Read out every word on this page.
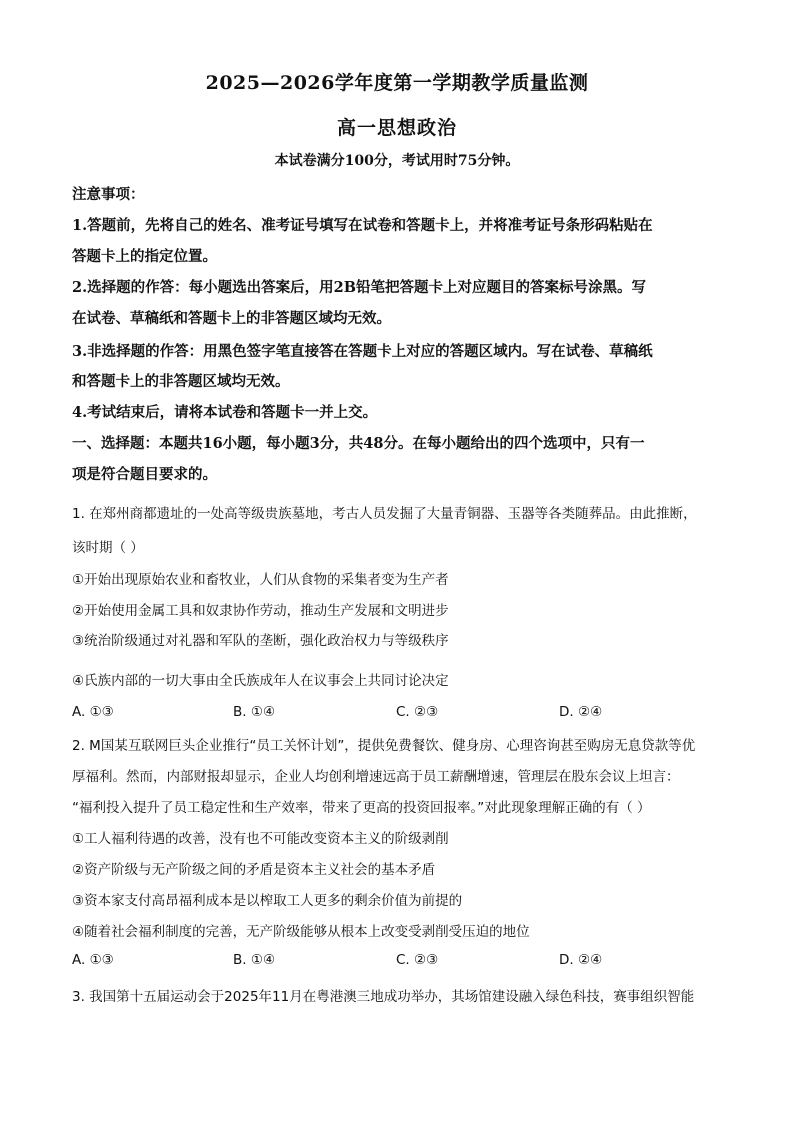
2025—2026学年度第一学期教学质量监测
高一思想政治
本试卷满分100分，考试用时75分钟。
注意事项：
1.答题前，先将自己的姓名、准考证号填写在试卷和答题卡上，并将准考证号条形码粘贴在
答题卡上的指定位置。
2.选择题的作答：每小题选出答案后，用2B铅笔把答题卡上对应题目的答案标号涂黑。写
在试卷、草稿纸和答题卡上的非答题区域均无效。
3.非选择题的作答：用黑色签字笔直接答在答题卡上对应的答题区域内。写在试卷、草稿纸
和答题卡上的非答题区域均无效。
4.考试结束后，请将本试卷和答题卡一并上交。
一、选择题：本题共16小题，每小题3分，共48分。在每小题给出的四个选项中，只有一
项是符合题目要求的。
1. 在郑州商都遗址的一处高等级贵族墓地，考古人员发掘了大量青铜器、玉器等各类随葬品。由此推断，
该时期（ ）
①开始出现原始农业和畜牧业，人们从食物的采集者变为生产者
②开始使用金属工具和奴隶协作劳动，推动生产发展和文明进步
③统治阶级通过对礼器和军队的垄断，强化政治权力与等级秩序
④氏族内部的一切大事由全氏族成年人在议事会上共同讨论决定
A. ①③	B. ①④	C. ②③	D. ②④
2. M国某互联网巨头企业推行“员工关怀计划”，提供免费餐饮、健身房、心理咨询甚至购房无息贷款等优
厚福利。然而，内部财报却显示，企业人均创利增速远高于员工薪酬增速，管理层在股东会议上坦言：
“福利投入提升了员工稳定性和生产效率，带来了更高的投资回报率。”对此现象理解正确的有（ ）
①工人福利待遇的改善，没有也不可能改变资本主义的阶级剥削
②资产阶级与无产阶级之间的矛盾是资本主义社会的基本矛盾
③资本家支付高昂福利成本是以榨取工人更多的剩余价值为前提的
④随着社会福利制度的完善，无产阶级能够从根本上改变受剥削受压迫的地位
A. ①③	B. ①④	C. ②③	D. ②④
3. 我国第十五届运动会于2025年11月在粤港澳三地成功举办，其场馆建设融入绿色科技，赛事组织智能
